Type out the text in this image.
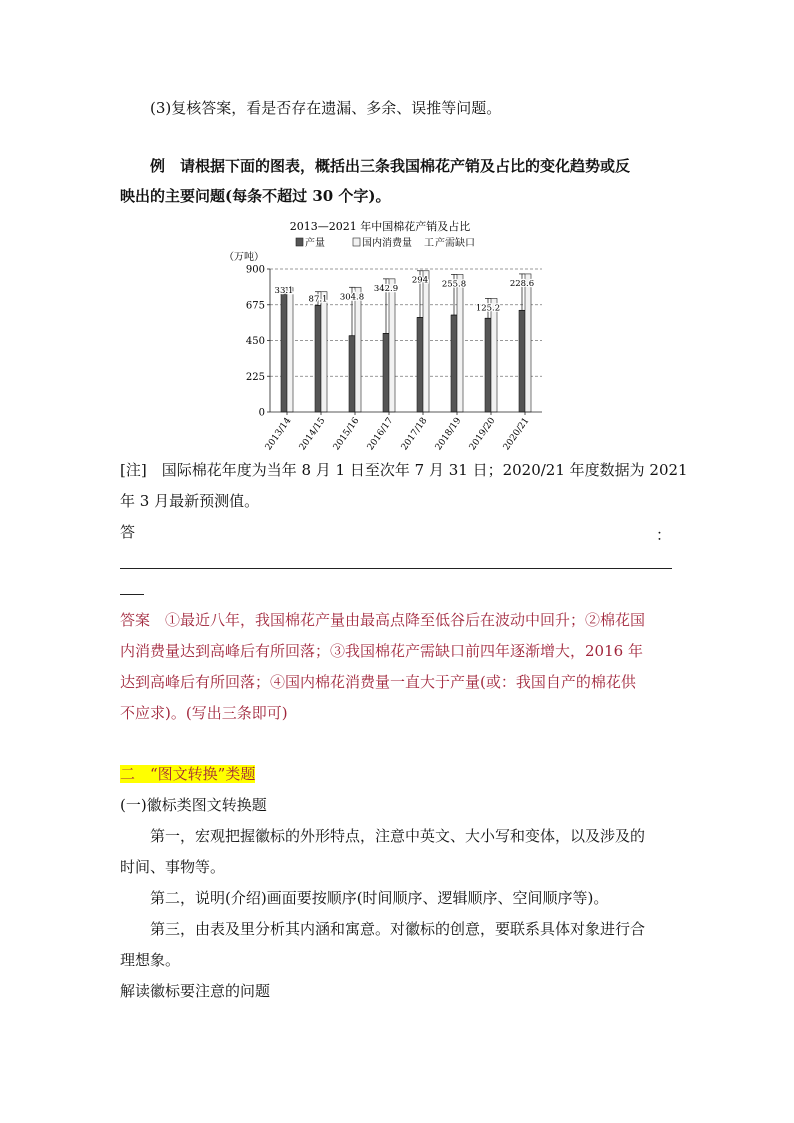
(3)复核答案，看是否存在遗漏、多余、误推等问题。
例　请根据下面的图表，概括出三条我国棉花产销及占比的变化趋势或反
映出的主要问题(每条不超过 30 个字)。
2013—2021 年中国棉花产销及占比
产量	国内消费量 工 产需缺口
（万吨）
0
225
450
675
900
33.1
87.1 304.8
342.9
294 255.8
125.2
228.6
2013/14 2014/15 2015/16 2016/17 2017/18 2018/19 2019/20 2020/21
[注]　国际棉花年度为当年 8 月 1 日至次年 7 月 31 日；2020/21 年度数据为 2021
年 3 月最新预测值。
答	：
答案　①最近八年，我国棉花产量由最高点降至低谷后在波动中回升；②棉花国
内消费量达到高峰后有所回落；③我国棉花产需缺口前四年逐渐增大，2016 年
达到高峰后有所回落；④国内棉花消费量一直大于产量(或：我国自产的棉花供
不应求)。(写出三条即可)
二　“图文转换”类题
(一)徽标类图文转换题
第一，宏观把握徽标的外形特点，注意中英文、大小写和变体，以及涉及的
时间、事物等。
第二，说明(介绍)画面要按顺序(时间顺序、逻辑顺序、空间顺序等)。
第三，由表及里分析其内涵和寓意。对徽标的创意，要联系具体对象进行合
理想象。
解读徽标要注意的问题
